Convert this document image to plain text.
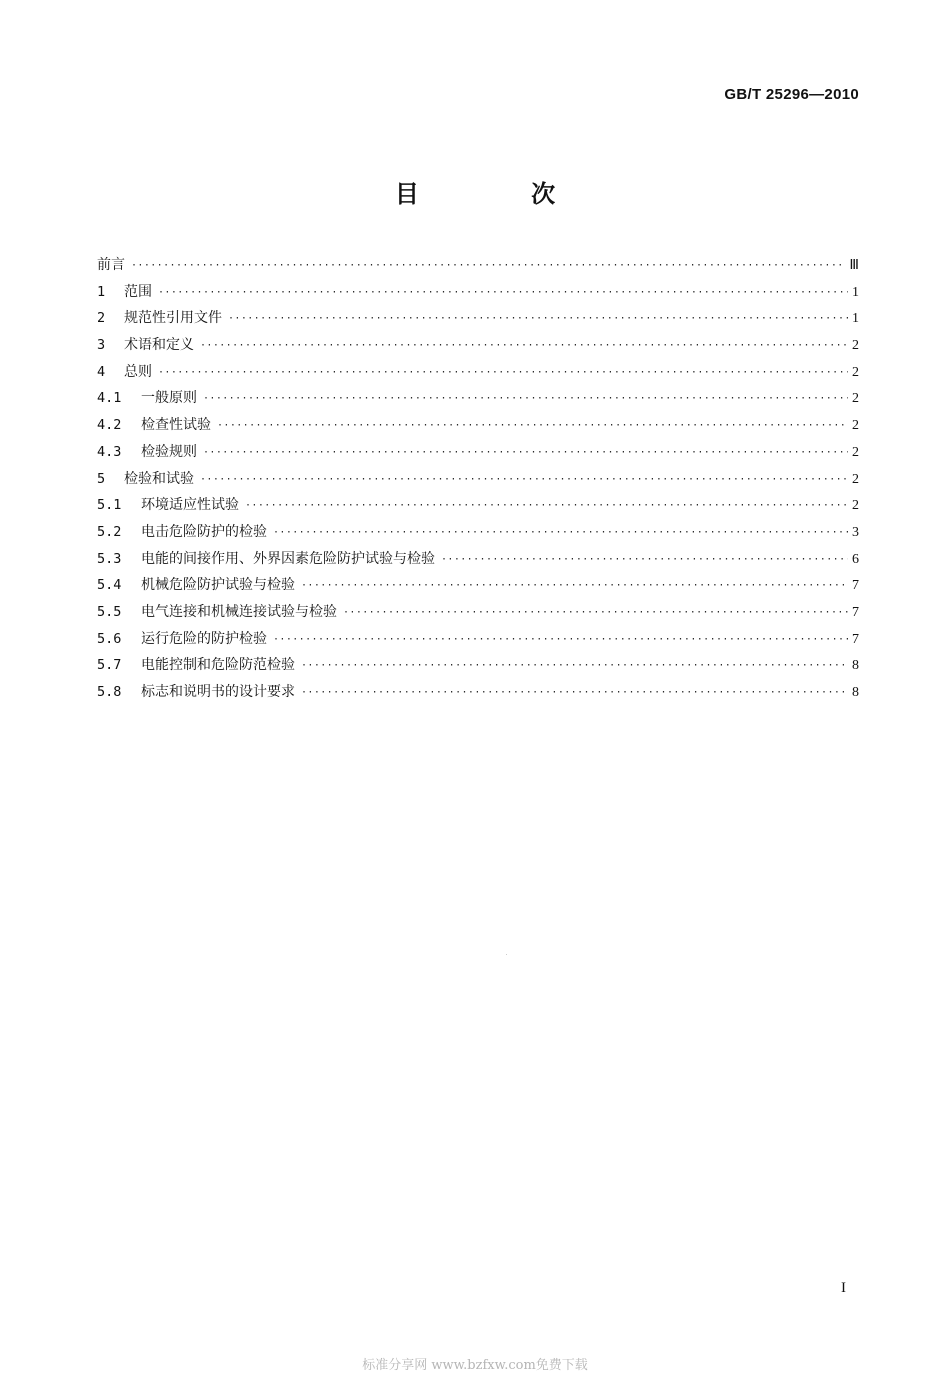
GB/T 25296—2010
目 次
前言 ·····	Ⅲ
1	范围 ·····	1
2	规范性引用文件 ·····	1
3	术语和定义 ·····	2
4	总则 ·····	2
4.1	一般原则 ·····	2
4.2	检查性试验 ·····	2
4.3	检验规则 ·····	2
5	检验和试验 ·····	2
5.1	环境适应性试验 ·····	2
5.2	电击危险防护的检验 ·····	3
5.3	电能的间接作用、外界因素危险防护试验与检验 ·····	6
5.4	机械危险防护试验与检验 ·····	7
5.5	电气连接和机械连接试验与检验 ·····	7
5.6	运行危险的防护检验 ·····	7
5.7	电能控制和危险防范检验 ·····	8
5.8	标志和说明书的设计要求 ·····	8
I
标准分享网 www.bzfxw.com免费下载
